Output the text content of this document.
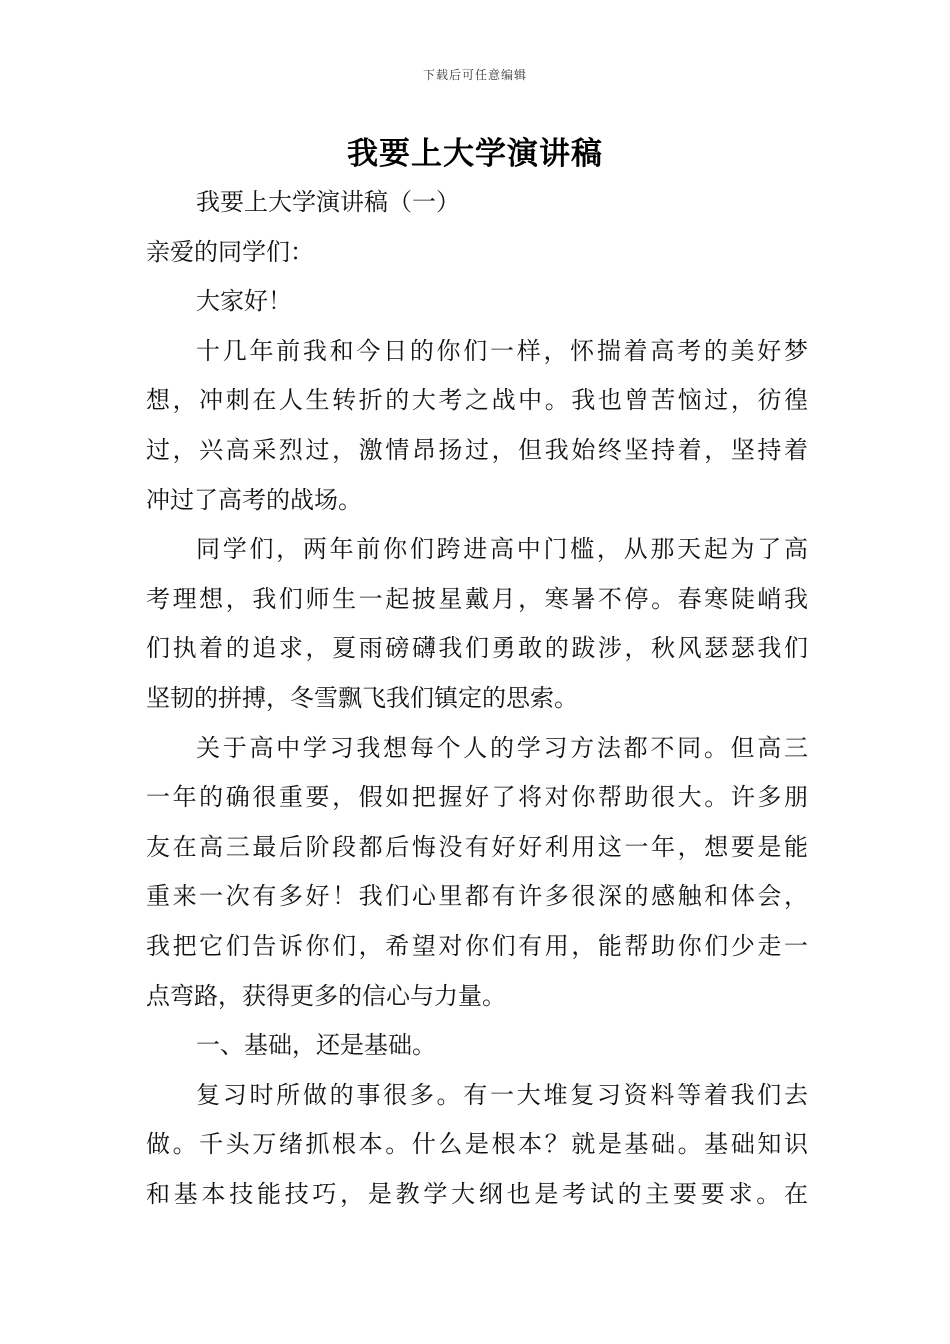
下载后可任意编辑
我要上大学演讲稿
我要上大学演讲稿（一）
亲爱的同学们：
大家好！
十几年前我和今日的你们一样，怀揣着高考的美好梦
想，冲刺在人生转折的大考之战中。我也曾苦恼过，彷徨
过，兴高采烈过，激情昂扬过，但我始终坚持着，坚持着
冲过了高考的战场。
同学们，两年前你们跨进高中门槛，从那天起为了高
考理想，我们师生一起披星戴月，寒暑不停。春寒陡峭我
们执着的追求，夏雨磅礴我们勇敢的跋涉，秋风瑟瑟我们
坚韧的拼搏，冬雪飘飞我们镇定的思索。
关于高中学习我想每个人的学习方法都不同。但高三
一年的确很重要，假如把握好了将对你帮助很大。许多朋
友在高三最后阶段都后悔没有好好利用这一年，想要是能
重来一次有多好！我们心里都有许多很深的感触和体会，
我把它们告诉你们，希望对你们有用，能帮助你们少走一
点弯路，获得更多的信心与力量。
一、基础，还是基础。
复习时所做的事很多。有一大堆复习资料等着我们去
做。千头万绪抓根本。什么是根本？就是基础。基础知识
和基本技能技巧，是教学大纲也是考试的主要要求。在
